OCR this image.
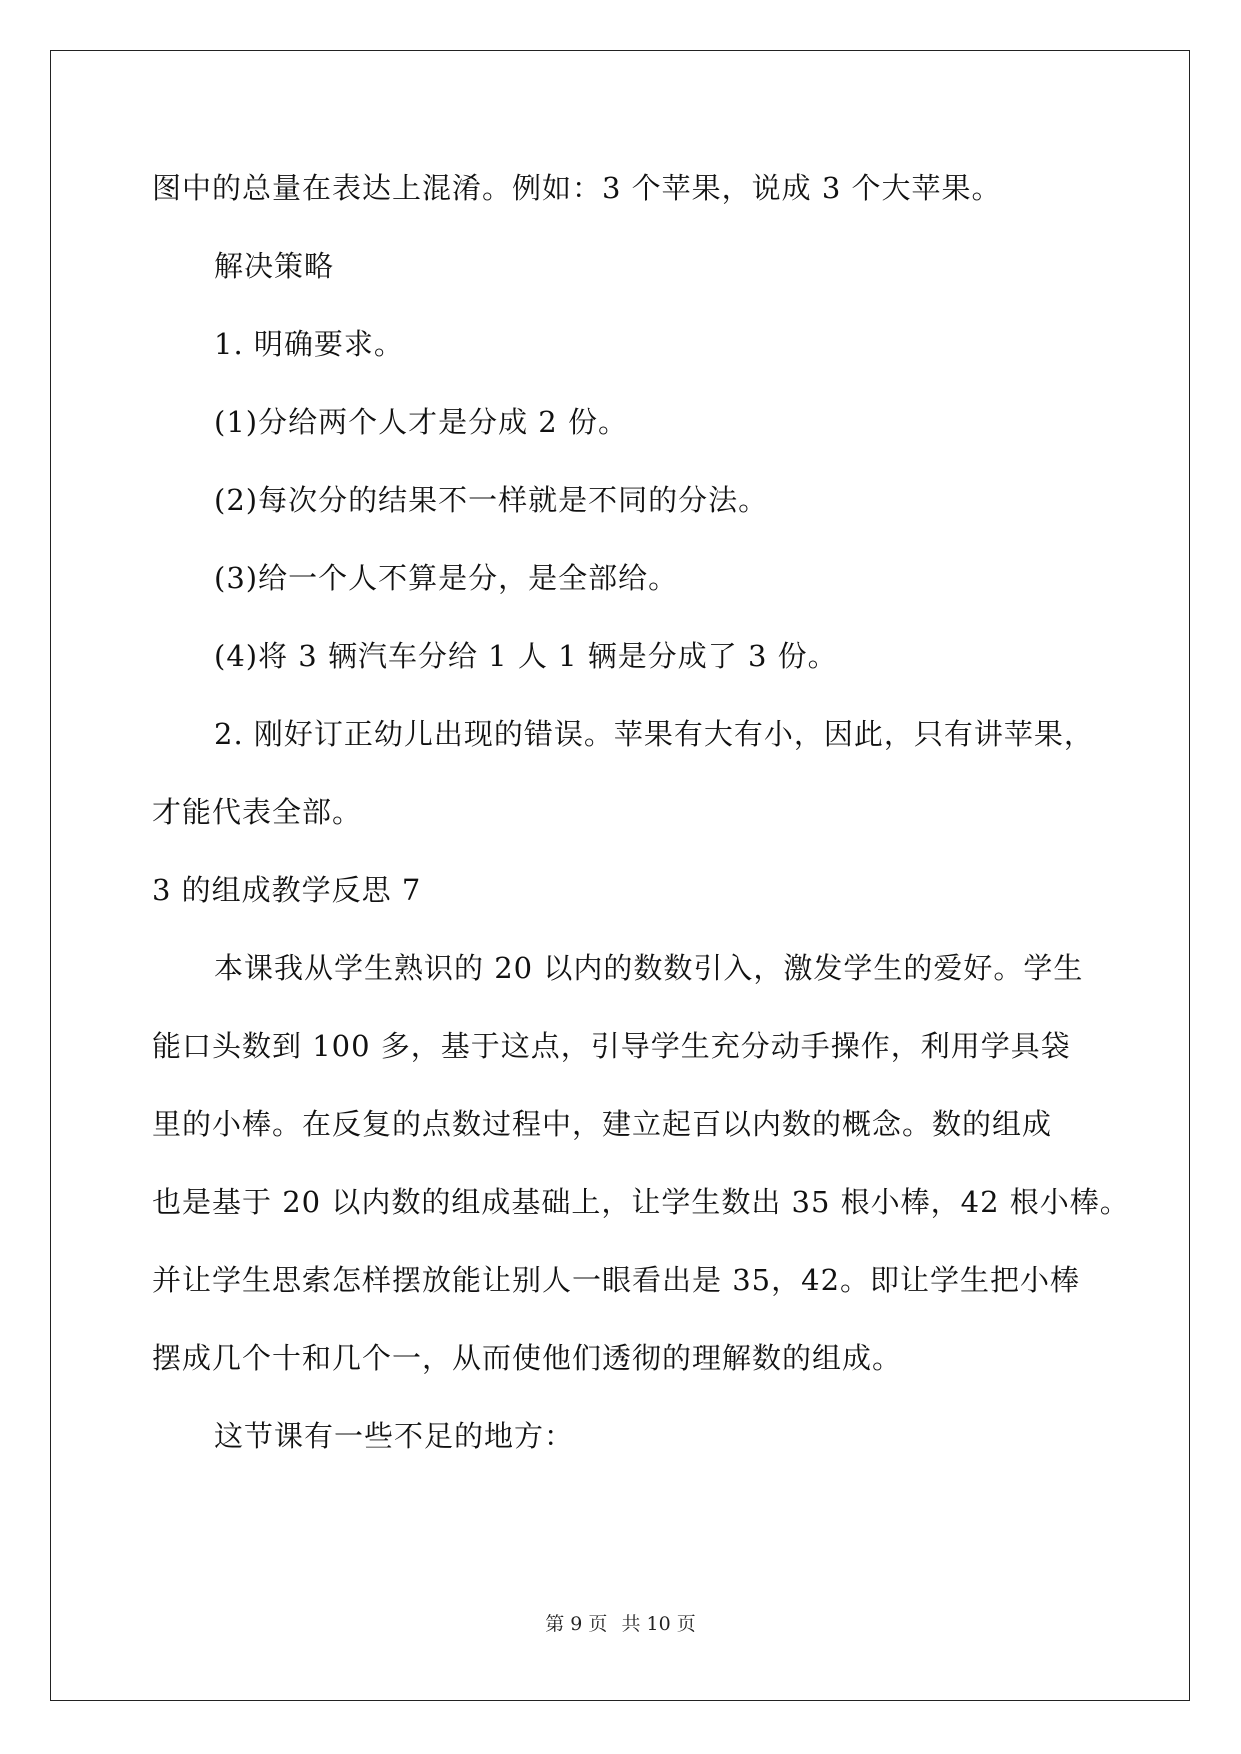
图中的总量在表达上混淆。例如：3 个苹果，说成 3 个大苹果。
解决策略
1. 明确要求。
(1)分给两个人才是分成 2 份。
(2)每次分的结果不一样就是不同的分法。
(3)给一个人不算是分，是全部给。
(4)将 3 辆汽车分给 1 人 1 辆是分成了 3 份。
2. 刚好订正幼儿出现的错误。苹果有大有小，因此，只有讲苹果，
才能代表全部。
3 的组成教学反思 7
本课我从学生熟识的 20 以内的数数引入，激发学生的爱好。学生
能口头数到 100 多，基于这点，引导学生充分动手操作，利用学具袋
里的小棒。在反复的点数过程中，建立起百以内数的概念。数的组成
也是基于 20 以内数的组成基础上，让学生数出 35 根小棒，42 根小棒。
并让学生思索怎样摆放能让别人一眼看出是 35，42。即让学生把小棒
摆成几个十和几个一，从而使他们透彻的理解数的组成。
这节课有一些不足的地方：
第 9 页 共 10 页
